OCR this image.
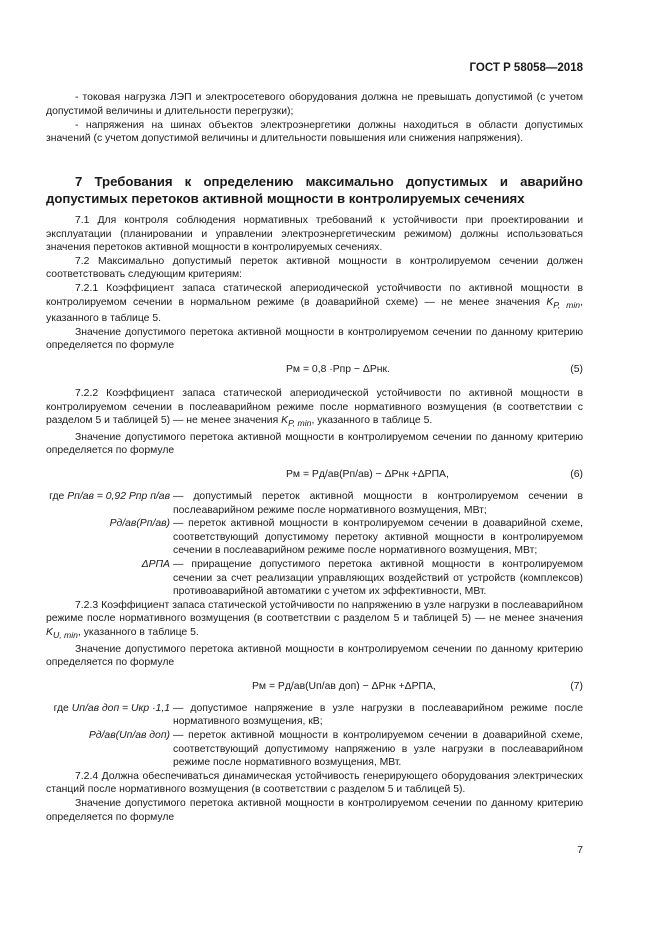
ГОСТ Р 58058—2018

- токовая нагрузка ЛЭП и электросетевого оборудования должна не превышать допустимой (с учетом допустимой величины и длительности перегрузки);

- напряжения на шинах объектов электроэнергетики должны находиться в области допустимых значений (с учетом допустимой величины и длительности повышения или снижения напряжения).

7 Требования к определению максимально допустимых и аварийно допустимых перетоков активной мощности в контролируемых сечениях

7.1 Для контроля соблюдения нормативных требований к устойчивости при проектировании и эксплуатации (планировании и управлении электроэнергетическим режимом) должны использоваться значения перетоков активной мощности в контролируемых сечениях.

7.2 Максимально допустимый переток активной мощности в контролируемом сечении должен соответствовать следующим критериям:

7.2.1 Коэффициент запаса статической апериодической устойчивости по активной мощности в контролируемом сечении в нормальном режиме (в доаварийной схеме) — не менее значения $K_{P, min}$, указанного в таблице 5.

Значение допустимого перетока активной мощности в контролируемом сечении по данному критерию определяется по формуле

Pм = 0,8 ·Pпр − ΔPнк.	(5)

7.2.2 Коэффициент запаса статической апериодической устойчивости по активной мощности в контролируемом сечении в послеаварийном режиме после нормативного возмущения (в соответствии с разделом 5 и таблицей 5) — не менее значения $K_{P, min}$, указанного в таблице 5.

Значение допустимого перетока активной мощности в контролируемом сечении по данному критерию определяется по формуле

Pм = Pд/ав(Pп/ав) − ΔPнк +ΔPПА,	(6)
где Pп/ав = 0,92 Pпр п/ав — допустимый переток активной мощности в контролируемом сечении в послеаварийном режиме после нормативного возмущения, МВт;
Pд/ав(Pп/ав) — переток активной мощности в контролируемом сечении в доаварийной схеме, соответствующий допустимому перетоку активной мощности в контролируемом сечении в послеаварийном режиме после нормативного возмущения, МВт;
ΔPПА — приращение допустимого перетока активной мощности в контролируемом сечении за счет реализации управляющих воздействий от устройств (комплексов) противоаварийной автоматики с учетом их эффективности, МВт.

7.2.3 Коэффициент запаса статической устойчивости по напряжению в узле нагрузки в послеаварийном режиме после нормативного возмущения (в соответствии с разделом 5 и таблицей 5) — не менее значения $K_{U, min}$, указанного в таблице 5.

Значение допустимого перетока активной мощности в контролируемом сечении по данному критерию определяется по формуле

Pм = Pд/ав(Uп/ав доп) − ΔPнк +ΔPПА,	(7)
где Uп/ав доп = Uкр ·1,1 — допустимое напряжение в узле нагрузки в послеаварийном режиме после нормативного возмущения, кВ;
Pд/ав(Uп/ав доп) — переток активной мощности в контролируемом сечении в доаварийной схеме, соответствующий допустимому напряжению в узле нагрузки в послеаварийном режиме после нормативного возмущения, МВт.

7.2.4 Должна обеспечиваться динамическая устойчивость генерирующего оборудования электрических станций после нормативного возмущения (в соответствии с разделом 5 и таблицей 5).

Значение допустимого перетока активной мощности в контролируемом сечении по данному критерию определяется по формуле

7
